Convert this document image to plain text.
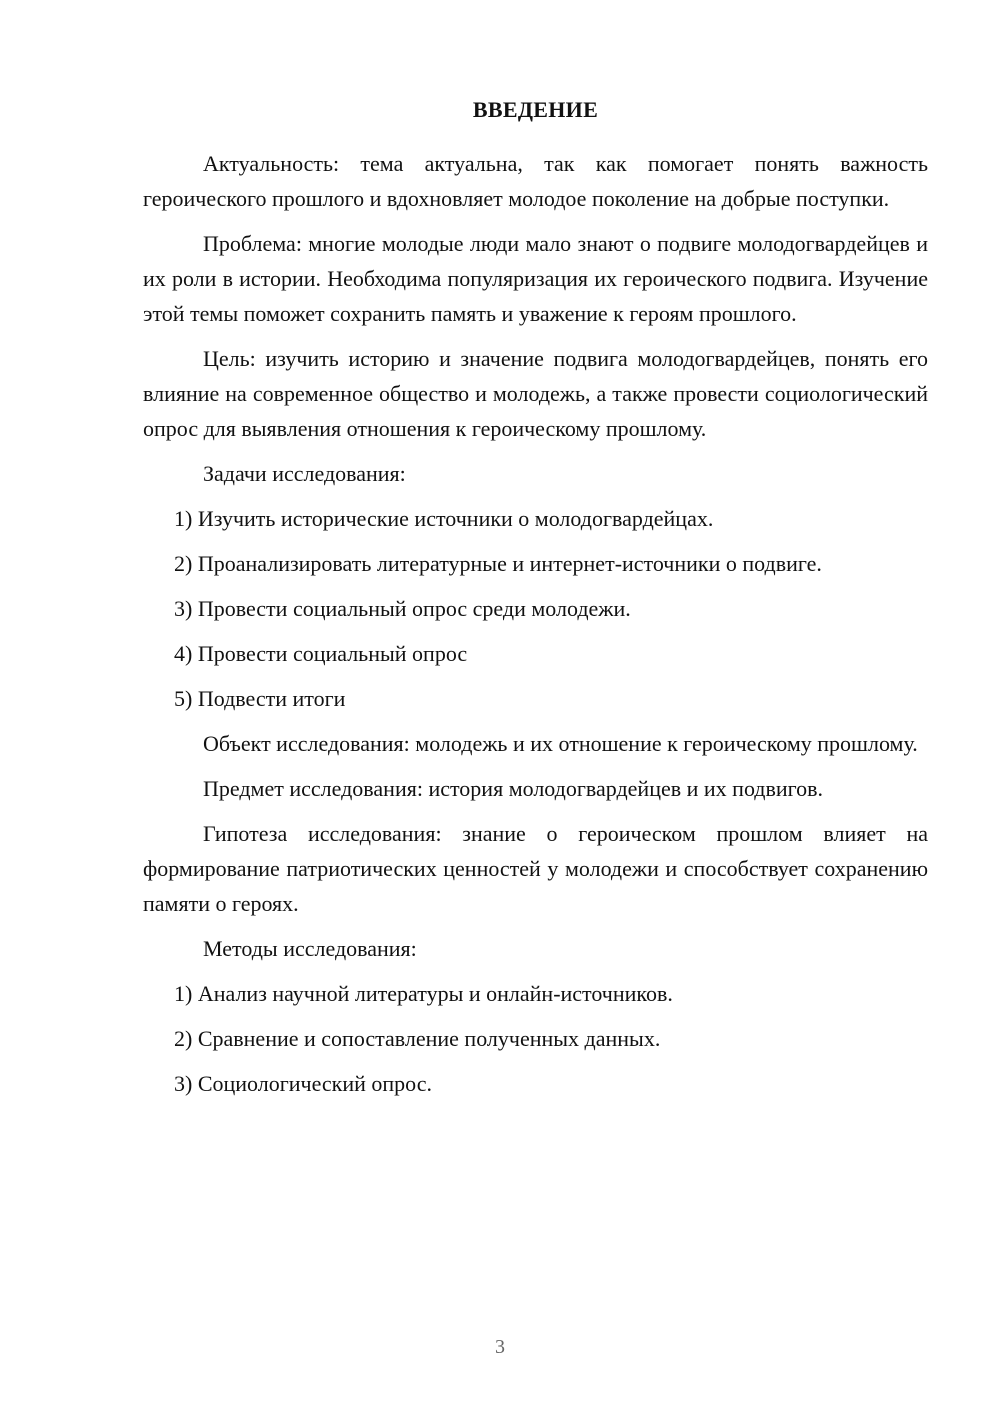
ВВЕДЕНИЕ

Актуальность: тема актуальна, так как помогает понять важность героического прошлого и вдохновляет молодое поколение на добрые поступки.

Проблема: многие молодые люди мало знают о подвиге молодогвардейцев и их роли в истории. Необходима популяризация их героического подвига. Изучение этой темы поможет сохранить память и уважение к героям прошлого.

Цель: изучить историю и значение подвига молодогвардейцев, понять его влияние на современное общество и молодежь, а также провести социологический опрос для выявления отношения к героическому прошлому.

Задачи исследования:

1) Изучить исторические источники о молодогвардейцах.

2) Проанализировать литературные и интернет-источники о подвиге.

3) Провести социальный опрос среди молодежи.

4) Провести социальный опрос

5) Подвести итоги

Объект исследования: молодежь и их отношение к героическому прошлому.

Предмет исследования: история молодогвардейцев и их подвигов.

Гипотеза исследования: знание о героическом прошлом влияет на формирование патриотических ценностей у молодежи и способствует сохранению памяти о героях.

Методы исследования:

1) Анализ научной литературы и онлайн-источников.

2) Сравнение и сопоставление полученных данных.

3) Социологический опрос.

3
